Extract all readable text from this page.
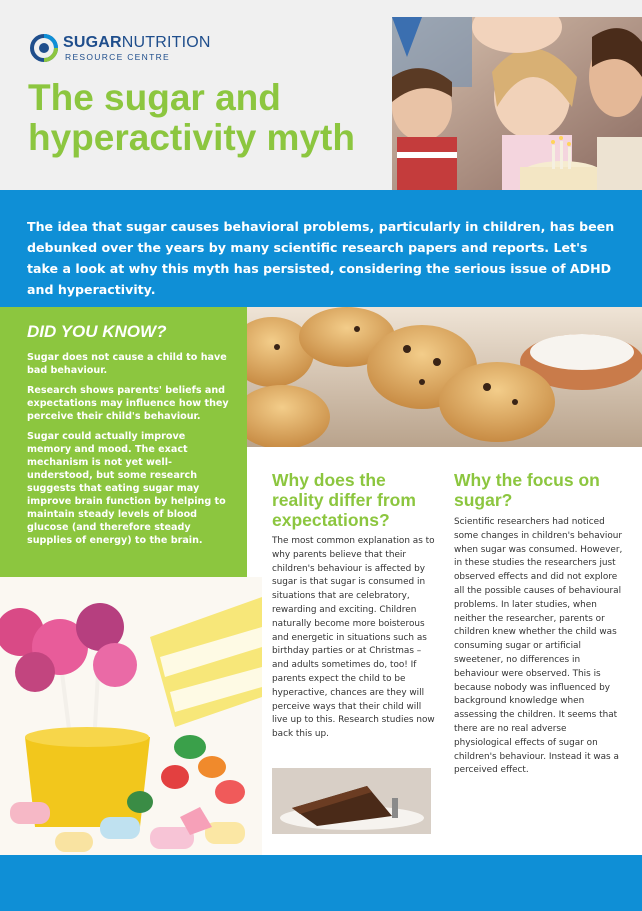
SUGARNUTRITION
RESOURCE CENTRE
The sugar and hyperactivity myth

The idea that sugar causes behavioral problems, particularly in children, has been debunked over the years by many scientific research papers and reports. Let's take a look at why this myth has persisted, considering the serious issue of ADHD and hyperactivity.

DID YOU KNOW?

Sugar does not cause a child to have bad behaviour.

Research shows parents' beliefs and expectations may influence how they perceive their child's behaviour.

Sugar could actually improve memory and mood. The exact mechanism is not yet well-understood, but some research suggests that eating sugar may improve brain function by helping to maintain steady levels of blood glucose (and therefore steady supplies of energy) to the brain.

Why does the reality differ from expectations?

The most common explanation as to why parents believe that their children's behaviour is affected by sugar is that sugar is consumed in situations that are celebratory, rewarding and exciting. Children naturally become more boisterous and energetic in situations such as birthday parties or at Christmas – and adults sometimes do, too! If parents expect the child to be hyperactive, chances are they will perceive ways that their child will live up to this. Research studies now back this up.

Why the focus on sugar?

Scientific researchers had noticed some changes in children's behaviour when sugar was consumed. However, in these studies the researchers just observed effects and did not explore all the possible causes of behavioural problems. In later studies, when neither the researcher, parents or children knew whether the child was consuming sugar or artificial sweetener, no differences in behaviour were observed. This is because nobody was influenced by background knowledge when assessing the children. It seems that there are no real adverse physiological effects of sugar on children's behaviour. Instead it was a perceived effect.
